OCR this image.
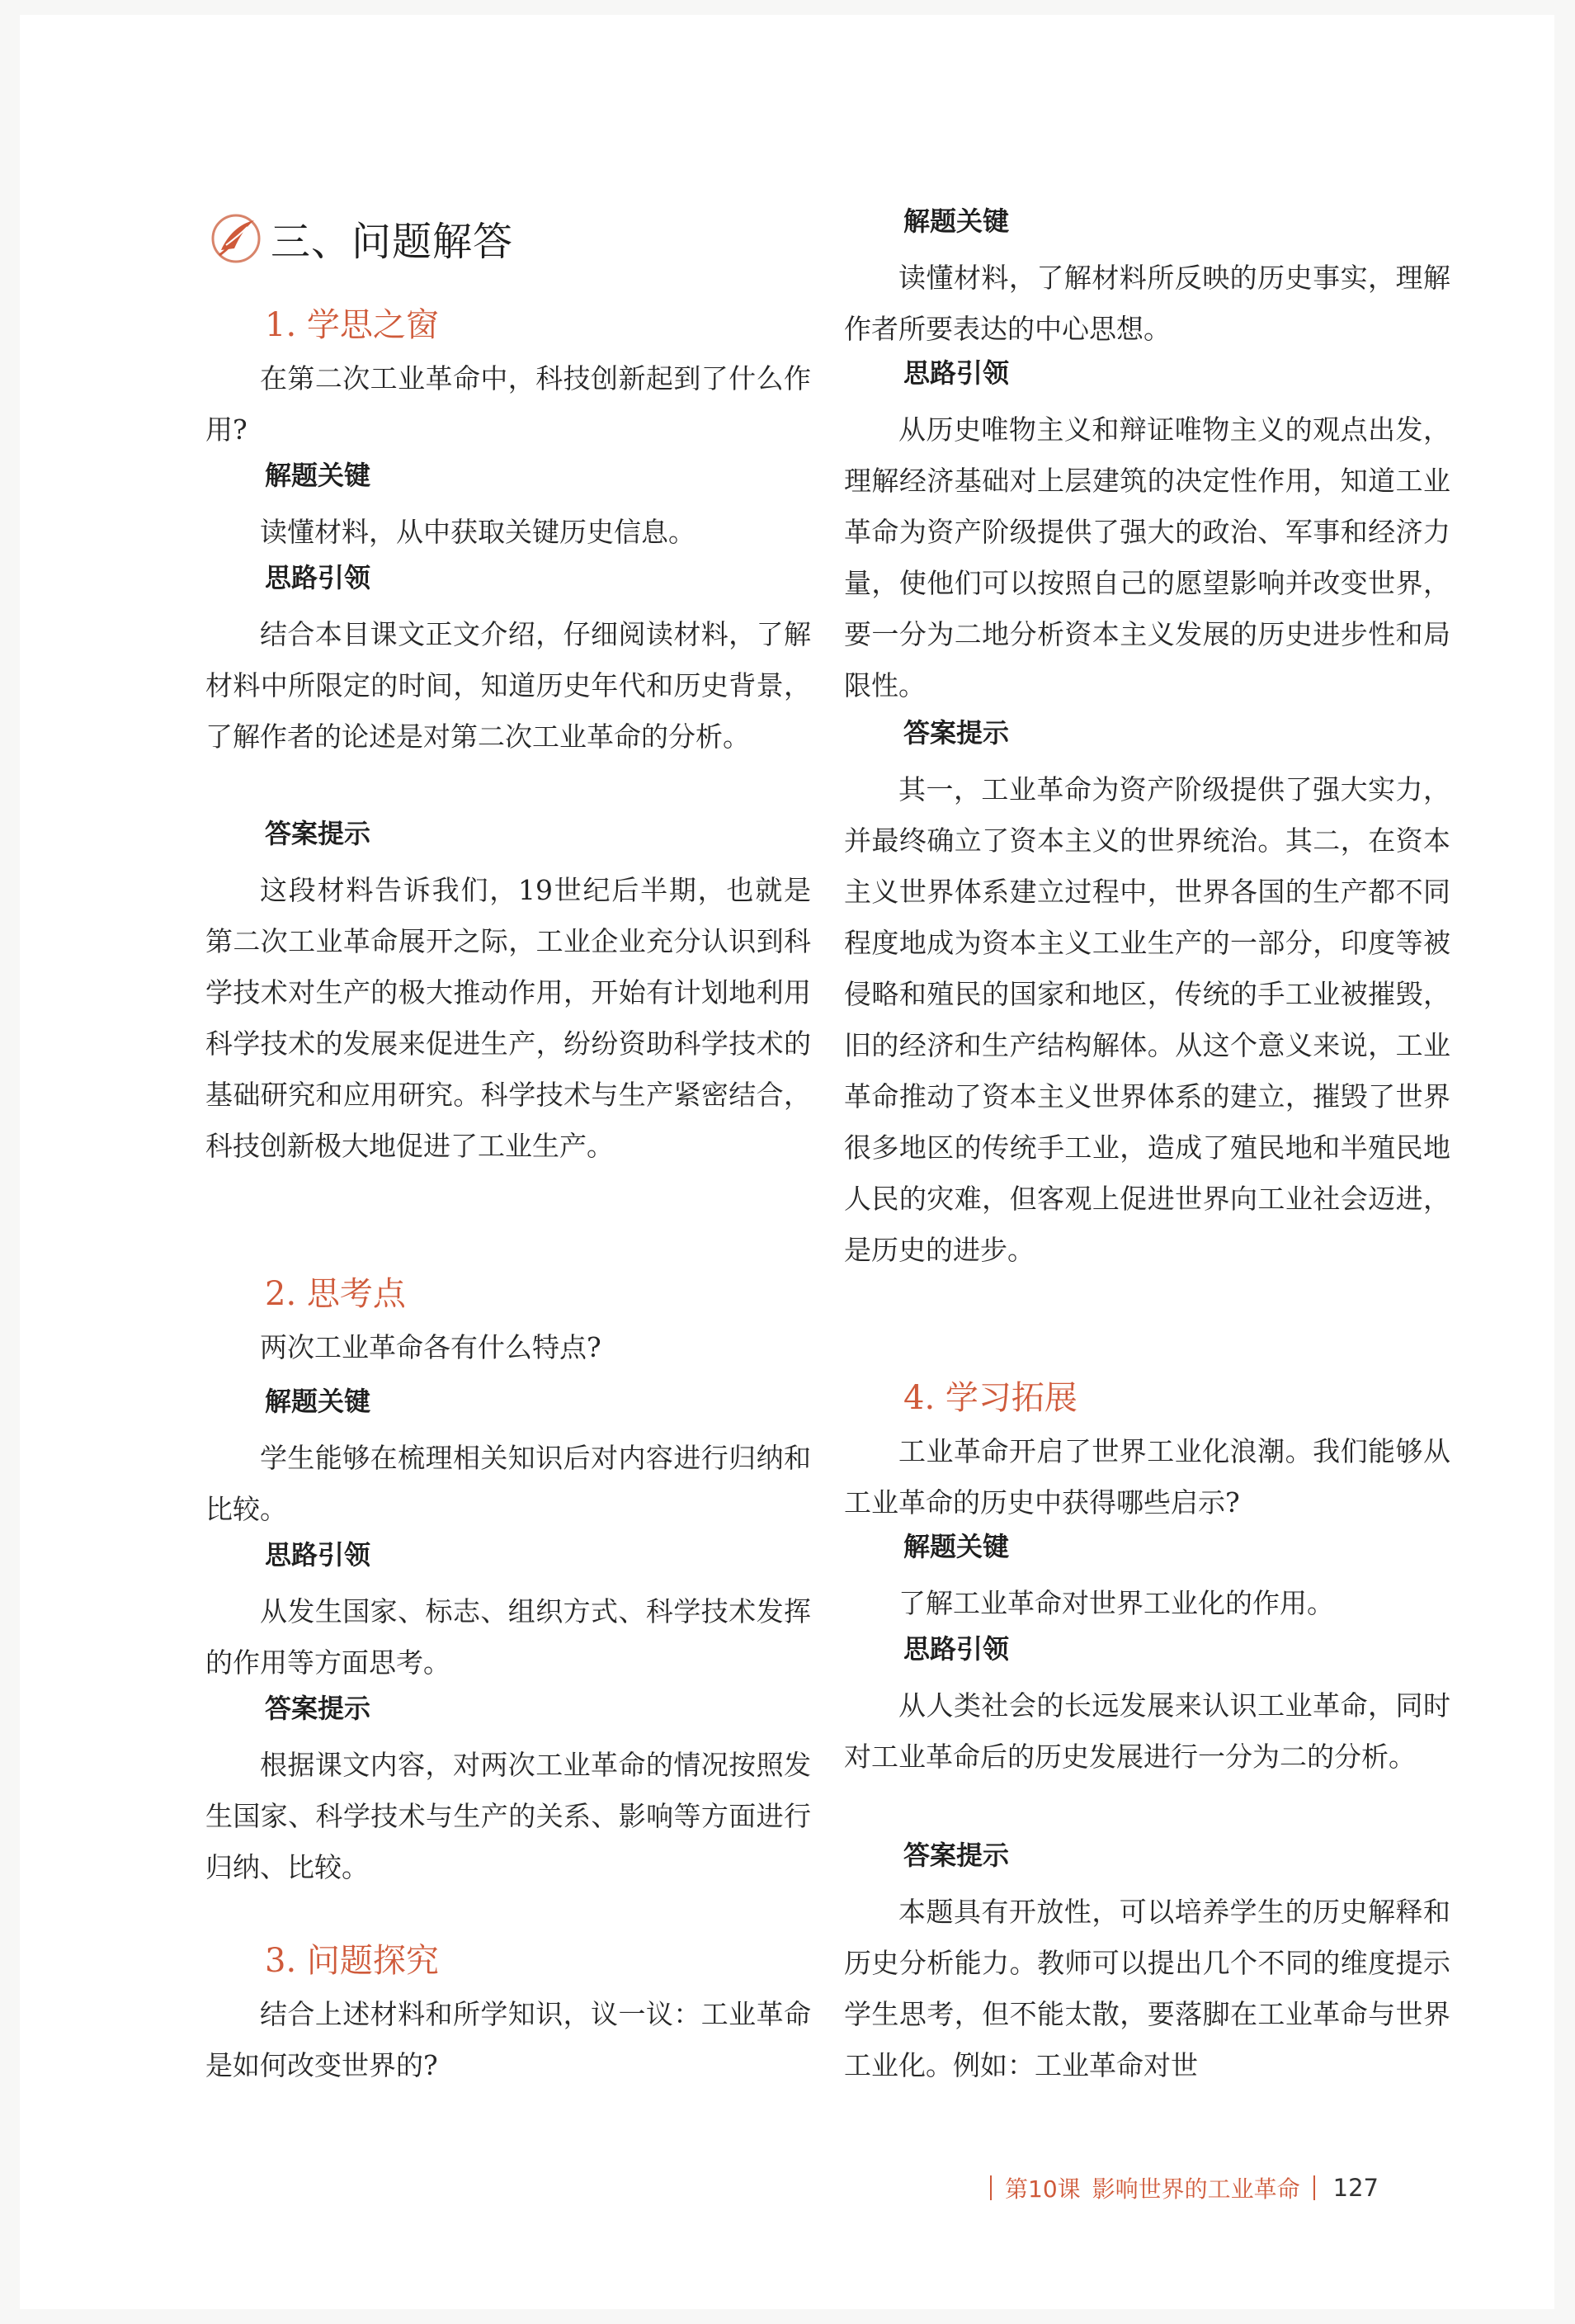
三、问题解答
1. 学思之窗
在第二次工业革命中，科技创新起到了什么作用?
解题关键
读懂材料，从中获取关键历史信息。
思路引领
结合本目课文正文介绍，仔细阅读材料，了解材料中所限定的时间，知道历史年代和历史背景，了解作者的论述是对第二次工业革命的分析。
答案提示
这段材料告诉我们，19世纪后半期，也就是第二次工业革命展开之际，工业企业充分认识到科学技术对生产的极大推动作用，开始有计划地利用科学技术的发展来促进生产，纷纷资助科学技术的基础研究和应用研究。科学技术与生产紧密结合，科技创新极大地促进了工业生产。
2. 思考点
两次工业革命各有什么特点?
解题关键
学生能够在梳理相关知识后对内容进行归纳和比较。
思路引领
从发生国家、标志、组织方式、科学技术发挥的作用等方面思考。
答案提示
根据课文内容，对两次工业革命的情况按照发生国家、科学技术与生产的关系、影响等方面进行归纳、比较。
3. 问题探究
结合上述材料和所学知识，议一议：工业革命是如何改变世界的?
解题关键
读懂材料，了解材料所反映的历史事实，理解作者所要表达的中心思想。
思路引领
从历史唯物主义和辩证唯物主义的观点出发，理解经济基础对上层建筑的决定性作用，知道工业革命为资产阶级提供了强大的政治、军事和经济力量，使他们可以按照自己的愿望影响并改变世界，要一分为二地分析资本主义发展的历史进步性和局限性。
答案提示
其一，工业革命为资产阶级提供了强大实力，并最终确立了资本主义的世界统治。其二，在资本主义世界体系建立过程中，世界各国的生产都不同程度地成为资本主义工业生产的一部分，印度等被侵略和殖民的国家和地区，传统的手工业被摧毁，旧的经济和生产结构解体。从这个意义来说，工业革命推动了资本主义世界体系的建立，摧毁了世界很多地区的传统手工业，造成了殖民地和半殖民地人民的灾难，但客观上促进世界向工业社会迈进，是历史的进步。
4. 学习拓展
工业革命开启了世界工业化浪潮。我们能够从工业革命的历史中获得哪些启示?
解题关键
了解工业革命对世界工业化的作用。
思路引领
从人类社会的长远发展来认识工业革命，同时对工业革命后的历史发展进行一分为二的分析。
答案提示
本题具有开放性，可以培养学生的历史解释和历史分析能力。教师可以提出几个不同的维度提示学生思考，但不能太散，要落脚在工业革命与世界工业化。例如：工业革命对世
第10课 影响世界的工业革命 127
